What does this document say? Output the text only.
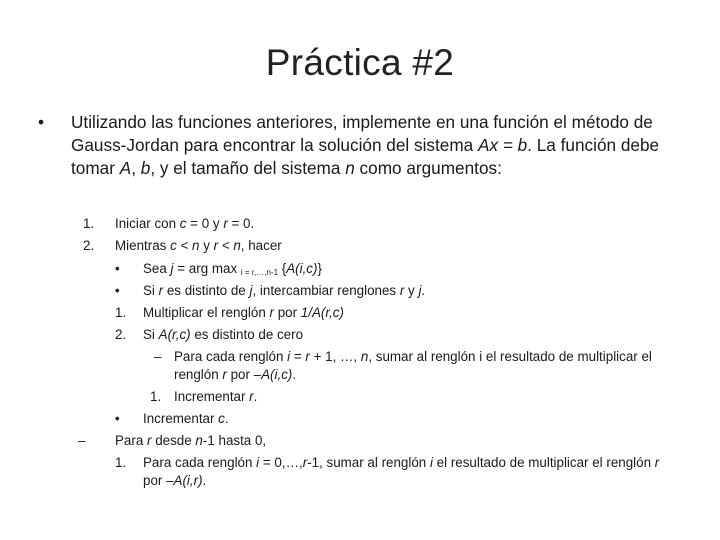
Práctica #2
• Utilizando las funciones anteriores, implemente en una función el método de Gauss-Jordan para encontrar la solución del sistema Ax = b. La función debe tomar A, b, y el tamaño del sistema n como argumentos:
1. Iniciar con c = 0 y r = 0.
2. Mientras c < n y r < n, hacer
• Sea j = arg max $_{i = r,\dots,n-1}$ {A(i,c)}
• Si r es distinto de j, intercambiar renglones r y j.
1. Multiplicar el renglón r por 1/A(r,c)
2. Si A(r,c) es distinto de cero
– Para cada renglón i = r + 1, …, n, sumar al renglón i el resultado de multiplicar el
renglón r por –A(i,c).
1. Incrementar r.
• Incrementar c.
– Para r desde n-1 hasta 0,
1. Para cada renglón i = 0,…,r-1, sumar al renglón i el resultado de multiplicar el renglón r
por –A(i,r).
